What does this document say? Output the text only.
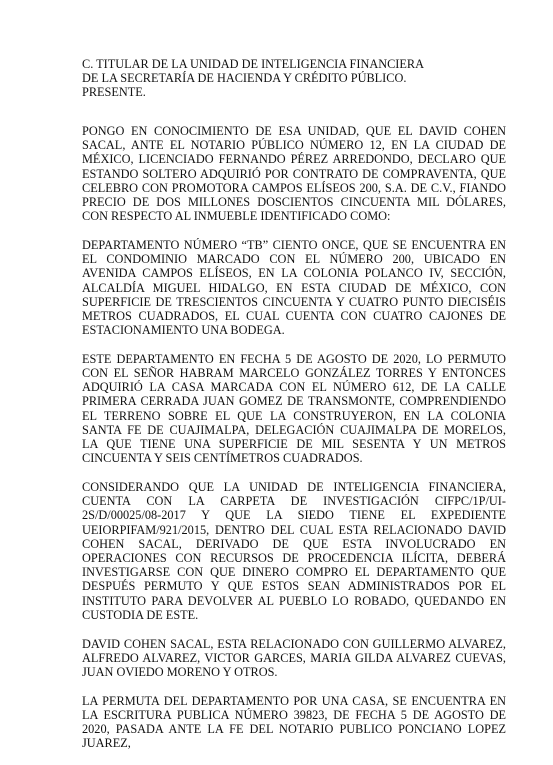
C. TITULAR DE LA UNIDAD DE INTELIGENCIA FINANCIERA
DE LA SECRETARÍA DE HACIENDA Y CRÉDITO PÚBLICO.
PRESENTE.

PONGO EN CONOCIMIENTO DE ESA UNIDAD, QUE EL DAVID COHEN SACAL, ANTE EL NOTARIO PÚBLICO NÚMERO 12, EN LA CIUDAD DE MÉXICO, LICENCIADO FERNANDO PÉREZ ARREDONDO, DECLARO QUE ESTANDO SOLTERO ADQUIRIÓ POR CONTRATO DE COMPRAVENTA, QUE CELEBRO CON PROMOTORA CAMPOS ELÍSEOS 200, S.A. DE C.V., FIANDO PRECIO DE DOS MILLONES DOSCIENTOS CINCUENTA MIL DÓLARES, CON RESPECTO AL INMUEBLE IDENTIFICADO COMO:

DEPARTAMENTO NÚMERO “TB” CIENTO ONCE, QUE SE ENCUENTRA EN EL CONDOMINIO MARCADO CON EL NÚMERO 200, UBICADO EN AVENIDA CAMPOS ELÍSEOS, EN LA COLONIA POLANCO IV, SECCIÓN, ALCALDÍA MIGUEL HIDALGO, EN ESTA CIUDAD DE MÉXICO, CON SUPERFICIE DE TRESCIENTOS CINCUENTA Y CUATRO PUNTO DIECISÉIS METROS CUADRADOS, EL CUAL CUENTA CON CUATRO CAJONES DE ESTACIONAMIENTO UNA BODEGA.

ESTE DEPARTAMENTO EN FECHA 5 DE AGOSTO DE 2020, LO PERMUTO CON EL SEÑOR HABRAM MARCELO GONZÁLEZ TORRES Y ENTONCES ADQUIRIÓ LA CASA MARCADA CON EL NÚMERO 612, DE LA CALLE PRIMERA CERRADA JUAN GOMEZ DE TRANSMONTE, COMPRENDIENDO EL TERRENO SOBRE EL QUE LA CONSTRUYERON, EN LA COLONIA SANTA FE DE CUAJIMALPA, DELEGACIÓN CUAJIMALPA DE MORELOS, LA QUE TIENE UNA SUPERFICIE DE MIL SESENTA Y UN METROS CINCUENTA Y SEIS CENTÍMETROS CUADRADOS.

CONSIDERANDO QUE LA UNIDAD DE INTELIGENCIA FINANCIERA, CUENTA CON LA CARPETA DE INVESTIGACIÓN CIFPC/1P/UI-2S/D/00025/08-2017 Y QUE LA SIEDO TIENE EL EXPEDIENTE UEIORPIFAM/921/2015, DENTRO DEL CUAL ESTA RELACIONADO DAVID COHEN SACAL, DERIVADO DE QUE ESTA INVOLUCRADO EN OPERACIONES CON RECURSOS DE PROCEDENCIA ILÍCITA, DEBERÁ INVESTIGARSE CON QUE DINERO COMPRO EL DEPARTAMENTO QUE DESPUÉS PERMUTO Y QUE ESTOS SEAN ADMINISTRADOS POR EL INSTITUTO PARA DEVOLVER AL PUEBLO LO ROBADO, QUEDANDO EN CUSTODIA DE ESTE.

DAVID COHEN SACAL, ESTA RELACIONADO CON GUILLERMO ALVAREZ, ALFREDO ALVAREZ, VICTOR GARCES, MARIA GILDA ALVAREZ CUEVAS, JUAN OVIEDO MORENO Y OTROS.

LA PERMUTA DEL DEPARTAMENTO POR UNA CASA, SE ENCUENTRA EN LA ESCRITURA PUBLICA NÚMERO 39823, DE FECHA 5 DE AGOSTO DE 2020, PASADA ANTE LA FE DEL NOTARIO PUBLICO PONCIANO LOPEZ JUAREZ,
